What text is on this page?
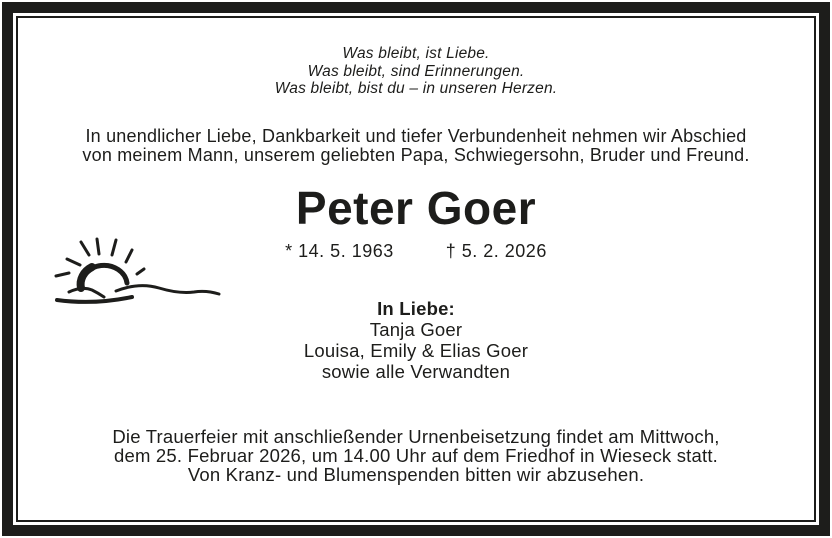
Was bleibt, ist Liebe.
Was bleibt, sind Erinnerungen.
Was bleibt, bist du – in unseren Herzen.
In unendlicher Liebe, Dankbarkeit und tiefer Verbundenheit nehmen wir Abschied
von meinem Mann, unserem geliebten Papa, Schwiegersohn, Bruder und Freund.
Peter Goer
* 14. 5. 1963	† 5. 2. 2026
In Liebe:
Tanja Goer
Louisa, Emily & Elias Goer
sowie alle Verwandten
Die Trauerfeier mit anschließender Urnenbeisetzung findet am Mittwoch,
dem 25. Februar 2026, um 14.00 Uhr auf dem Friedhof in Wieseck statt.
Von Kranz- und Blumenspenden bitten wir abzusehen.
